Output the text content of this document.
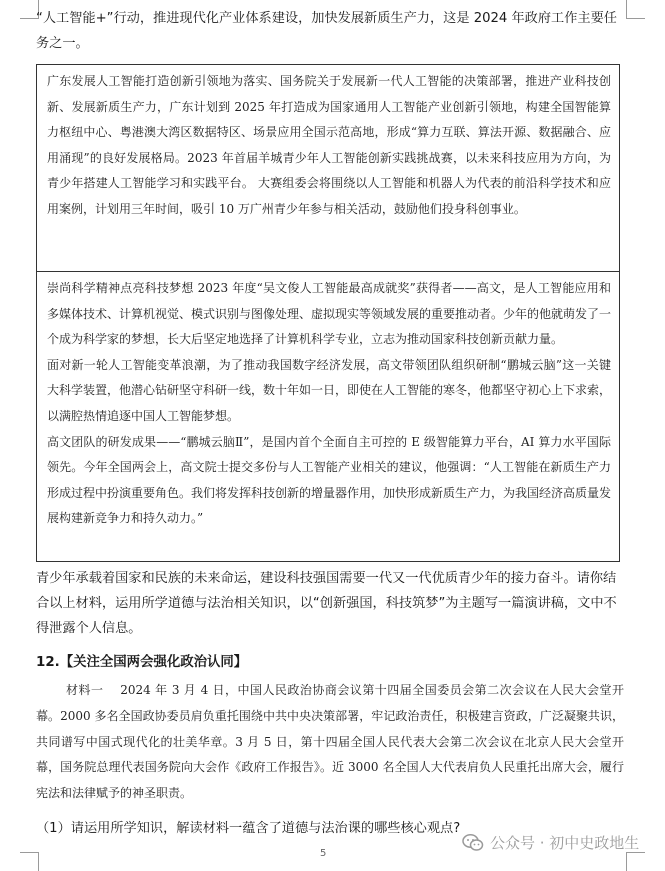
“人工智能+”行动，推进现代化产业体系建设，加快发展新质生产力，这是 2024 年政府工作主要任务之一。

广东发展人工智能打造创新引领地为落实、国务院关于发展新一代人工智能的决策部署，推进产业科技创新、发展新质生产力，广东计划到 2025 年打造成为国家通用人工智能产业创新引领地，构建全国智能算力枢纽中心、粤港澳大湾区数据特区、场景应用全国示范高地，形成“算力互联、算法开源、数据融合、应用涌现”的良好发展格局。2023 年首届羊城青少年人工智能创新实践挑战赛，以未来科技应用为方向，为青少年搭建人工智能学习和实践平台。 大赛组委会将围绕以人工智能和机器人为代表的前沿科学技术和应用案例，计划用三年时间，吸引 10 万广州青少年参与相关活动，鼓励他们投身科创事业。

崇尚科学精神点亮科技梦想 2023 年度“吴文俊人工智能最高成就奖”获得者——高文，是人工智能应用和多媒体技术、计算机视觉、模式识别与图像处理、虚拟现实等领域发展的重要推动者。少年的他就萌发了一个成为科学家的梦想，长大后坚定地选择了计算机科学专业，立志为推动国家科技创新贡献力量。

面对新一轮人工智能变革浪潮，为了推动我国数字经济发展，高文带领团队组织研制“鹏城云脑”这一关键大科学装置，他潜心钻研坚守科研一线，数十年如一日，即使在人工智能的寒冬，他都坚守初心上下求索，以满腔热情追逐中国人工智能梦想。

高文团队的研发成果——“鹏城云脑Ⅱ”，是国内首个全面自主可控的 E 级智能算力平台，AI 算力水平国际领先。今年全国两会上，高文院士提交多份与人工智能产业相关的建议，他强调：“人工智能在新质生产力形成过程中扮演重要角色。我们将发挥科技创新的增量器作用，加快形成新质生产力，为我国经济高质量发展构建新竞争力和持久动力。”

青少年承载着国家和民族的未来命运，建设科技强国需要一代又一代优质青少年的接力奋斗。请你结合以上材料，运用所学道德与法治相关知识，以“创新强国，科技筑梦”为主题写一篇演讲稿，文中不得泄露个人信息。
12.【关注全国两会强化政治认同】
材料一　 2024 年 3 月 4 日，中国人民政治协商会议第十四届全国委员会第二次会议在人民大会堂开幕。2000 多名全国政协委员肩负重托围绕中共中央决策部署，牢记政治责任，积极建言资政，广泛凝聚共识，共同谱写中国式现代化的壮美华章。3 月 5 日，第十四届全国人民代表大会第二次会议在北京人民大会堂开幕，国务院总理代表国务院向大会作《政府工作报告》。近 3000 名全国人大代表肩负人民重托出席大会，履行宪法和法律赋予的神圣职责。
（1）请运用所学知识，解读材料一蕴含了道德与法治课的哪些核心观点?
5
公众号 · 初中史政地生
